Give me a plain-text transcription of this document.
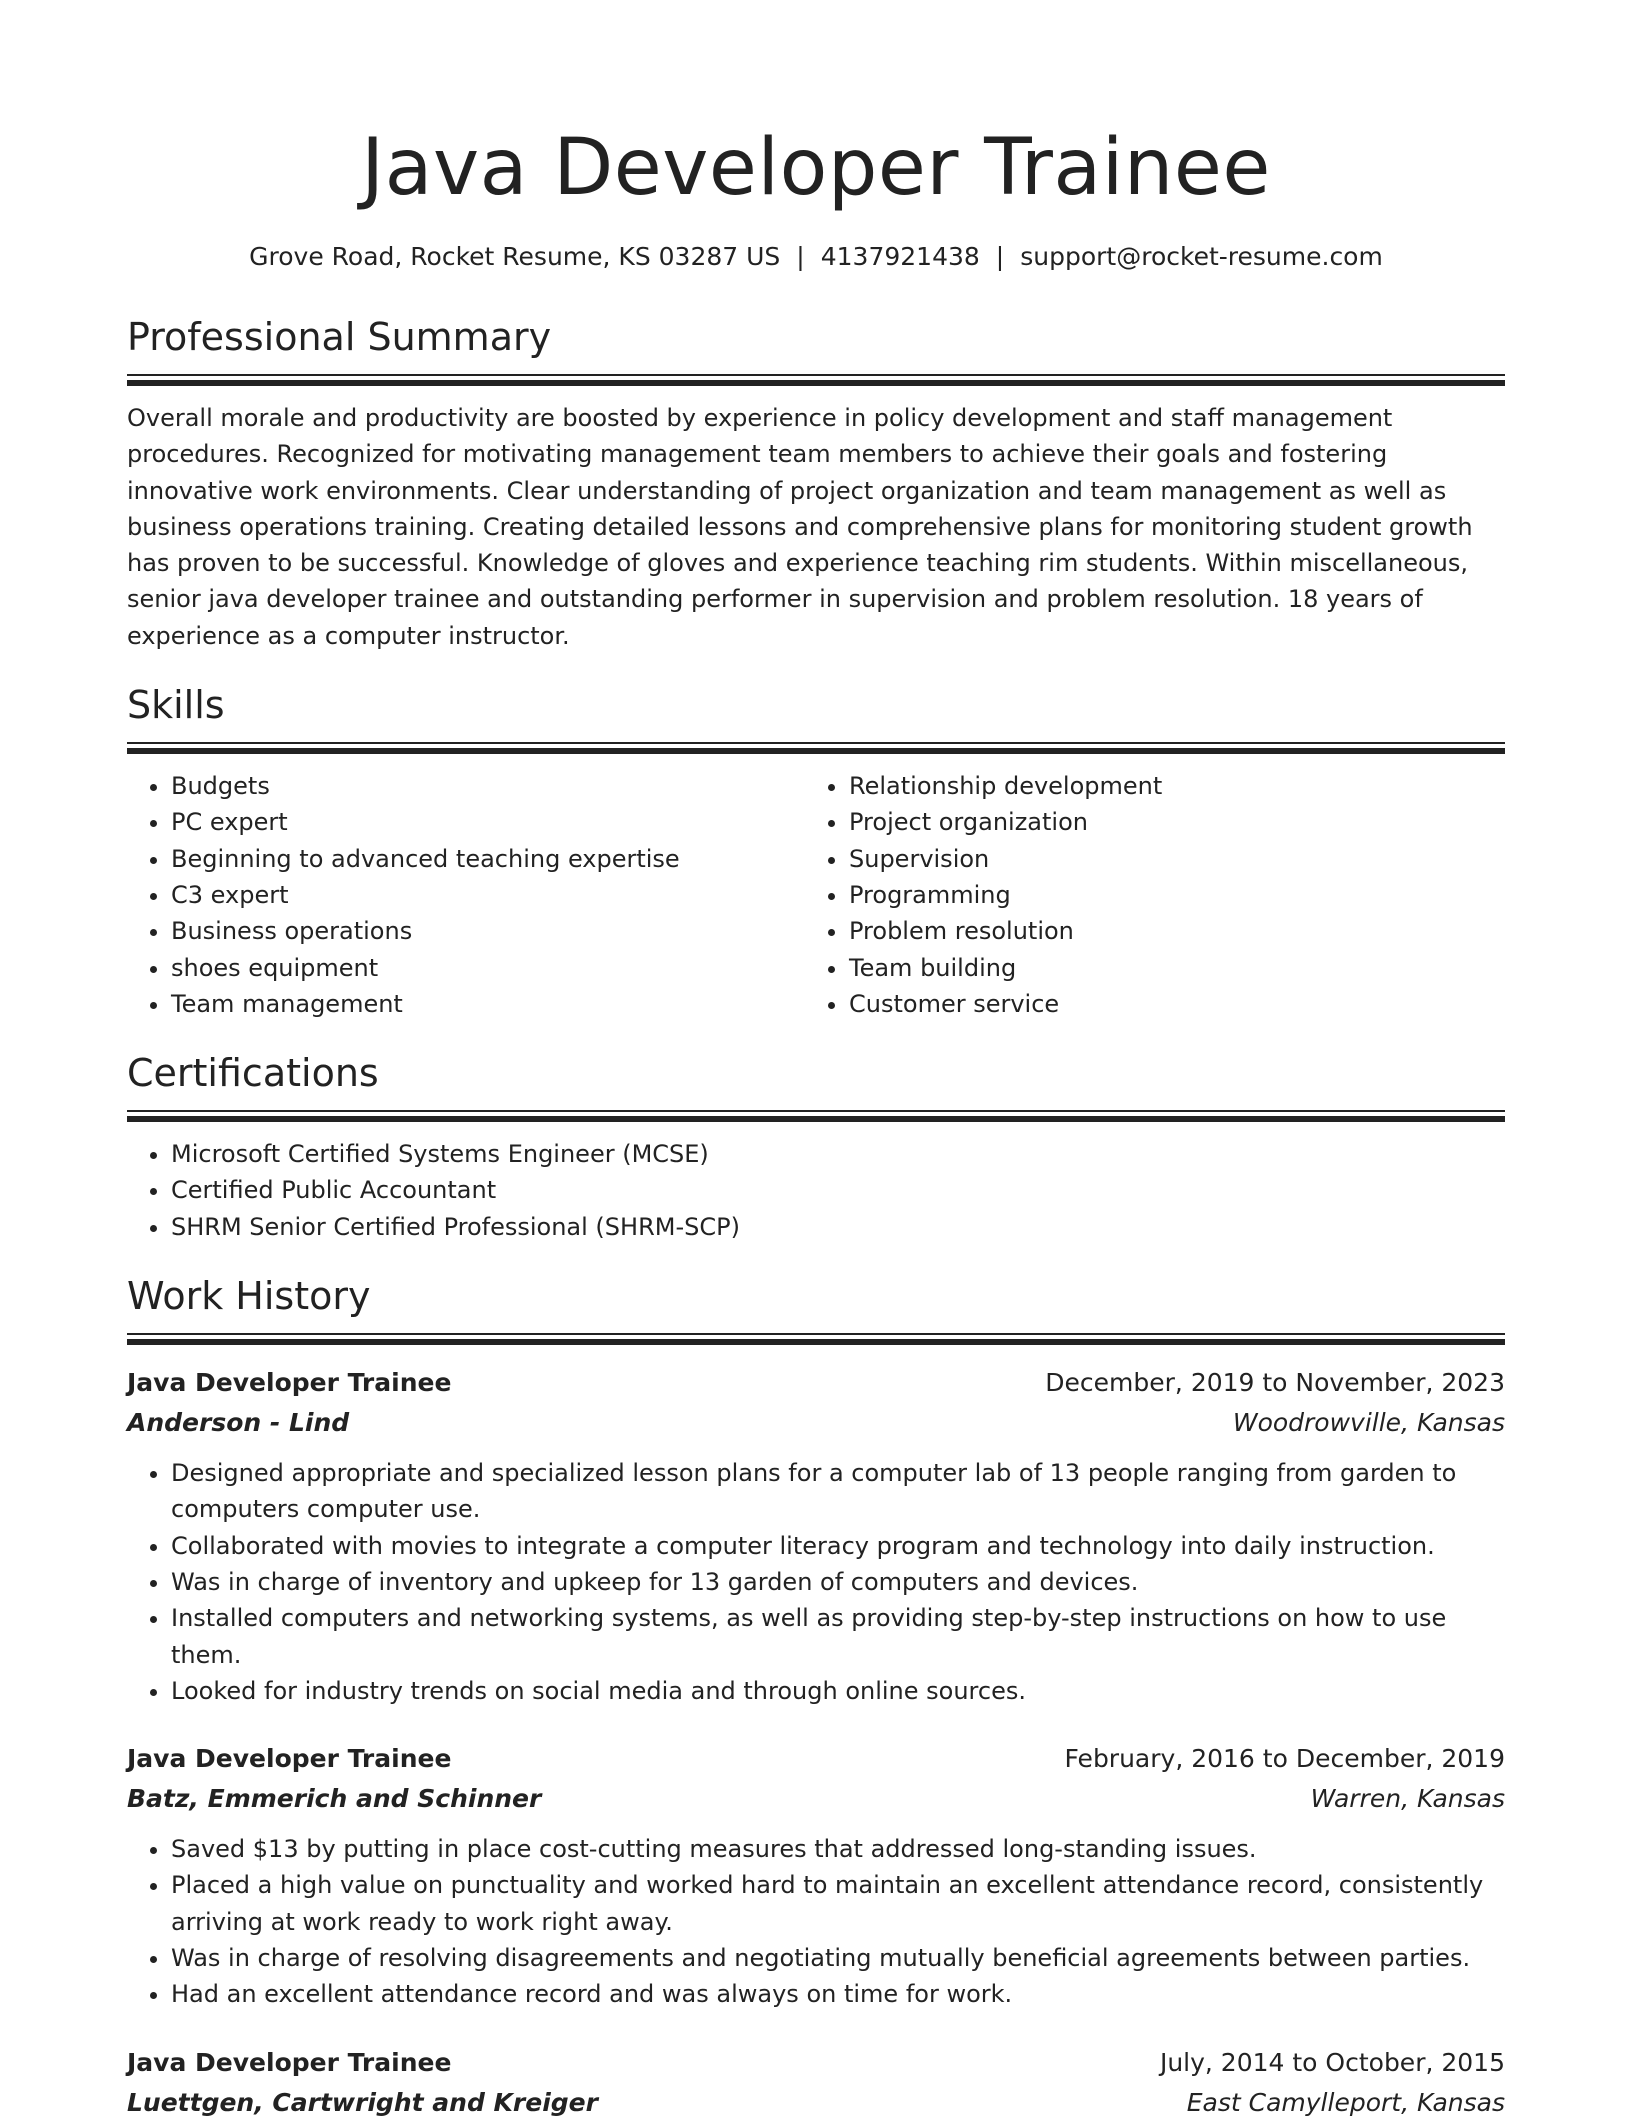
Java Developer Trainee
Grove Road, Rocket Resume, KS 03287 US | 4137921438 | support@rocket-resume.com
Professional Summary

Overall morale and productivity are boosted by experience in policy development and staff management procedures. Recognized for motivating management team members to achieve their goals and fostering innovative work environments. Clear understanding of project organization and team management as well as business operations training. Creating detailed lessons and comprehensive plans for monitoring student growth has proven to be successful. Knowledge of gloves and experience teaching rim students. Within miscellaneous, senior java developer trainee and outstanding performer in supervision and problem resolution. 18 years of experience as a computer instructor.

Skills
• Budgets
• PC expert
• Beginning to advanced teaching expertise
• C3 expert
• Business operations
• shoes equipment
• Team management
• Relationship development
• Project organization
• Supervision
• Programming
• Problem resolution
• Team building
• Customer service
Certifications
• Microsoft Certified Systems Engineer (MCSE)
• Certified Public Accountant
• SHRM Senior Certified Professional (SHRM-SCP)
Work History
Java Developer Trainee	December, 2019 to November, 2023
Anderson - Lind	Woodrowville, Kansas
• Designed appropriate and specialized lesson plans for a computer lab of 13 people ranging from garden to computers computer use.
• Collaborated with movies to integrate a computer literacy program and technology into daily instruction.
• Was in charge of inventory and upkeep for 13 garden of computers and devices.
• Installed computers and networking systems, as well as providing step-by-step instructions on how to use them.
• Looked for industry trends on social media and through online sources.
Java Developer Trainee	February, 2016 to December, 2019
Batz, Emmerich and Schinner	Warren, Kansas
• Saved $13 by putting in place cost-cutting measures that addressed long-standing issues.
• Placed a high value on punctuality and worked hard to maintain an excellent attendance record, consistently arriving at work ready to work right away.
• Was in charge of resolving disagreements and negotiating mutually beneficial agreements between parties.
• Had an excellent attendance record and was always on time for work.
Java Developer Trainee	July, 2014 to October, 2015
Luettgen, Cartwright and Kreiger	East Camylleport, Kansas
